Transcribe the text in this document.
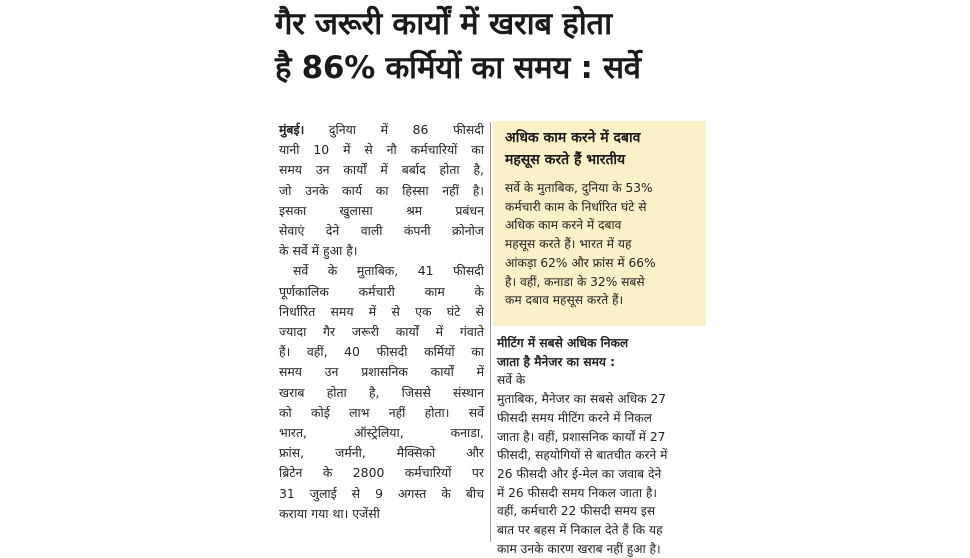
गैर जरूरी कार्यों में खराब होता
है 86% कर्मियों का समय : सर्वे

मुंबई। दुनिया में 86 फीसदी
यानी 10 में से नौ कर्मचारियों का
समय उन कार्यों में बर्बाद होता है,
जो उनके कार्य का हिस्सा नहीं है।
इसका खुलासा श्रम प्रबंधन
सेवाएं देने वाली कंपनी क्रोनोज
के सर्वे में हुआ है।

सर्वे के मुताबिक, 41 फीसदी
पूर्णकालिक कर्मचारी काम के
निर्धारित समय में से एक घंटे से
ज्यादा गैर जरूरी कार्यों में गंवाते
हैं। वहीं, 40 फीसदी कर्मियों का
समय उन प्रशासनिक कार्यों में
खराब होता है, जिससे संस्थान
को कोई लाभ नहीं होता। सर्वे
भारत, ऑस्ट्रेलिया, कनाडा,
फ्रांस, जर्मनी, मैक्सिको और
ब्रिटेन के 2800 कर्मचारियों पर
31 जुलाई से 9 अगस्त के बीच
कराया गया था। एजेंसी

अधिक काम करने में दबाव
महसूस करते हैं भारतीय
सर्वे के मुताबिक, दुनिया के 53%
कर्मचारी काम के निर्धारित घंटे से
अधिक काम करने में दबाव
महसूस करते हैं। भारत में यह
आंकड़ा 62% और फ्रांस में 66%
है। वहीं, कनाडा के 32% सबसे
कम दबाव महसूस करते हैं।
मीटिंग में सबसे अधिक निकल
जाता है मैनेजर का समय :
सर्वे के
मुताबिक, मैनेजर का सबसे अधिक 27
फीसदी समय मीटिंग करने में निकल
जाता है। वहीं, प्रशासनिक कार्यों में 27
फीसदी, सहयोगियों से बातचीत करने में
26 फीसदी और ई-मेल का जवाब देने
में 26 फीसदी समय निकल जाता है।
वहीं, कर्मचारी 22 फीसदी समय इस
बात पर बहस में निकाल देते हैं कि यह
काम उनके कारण खराब नहीं हुआ है।
